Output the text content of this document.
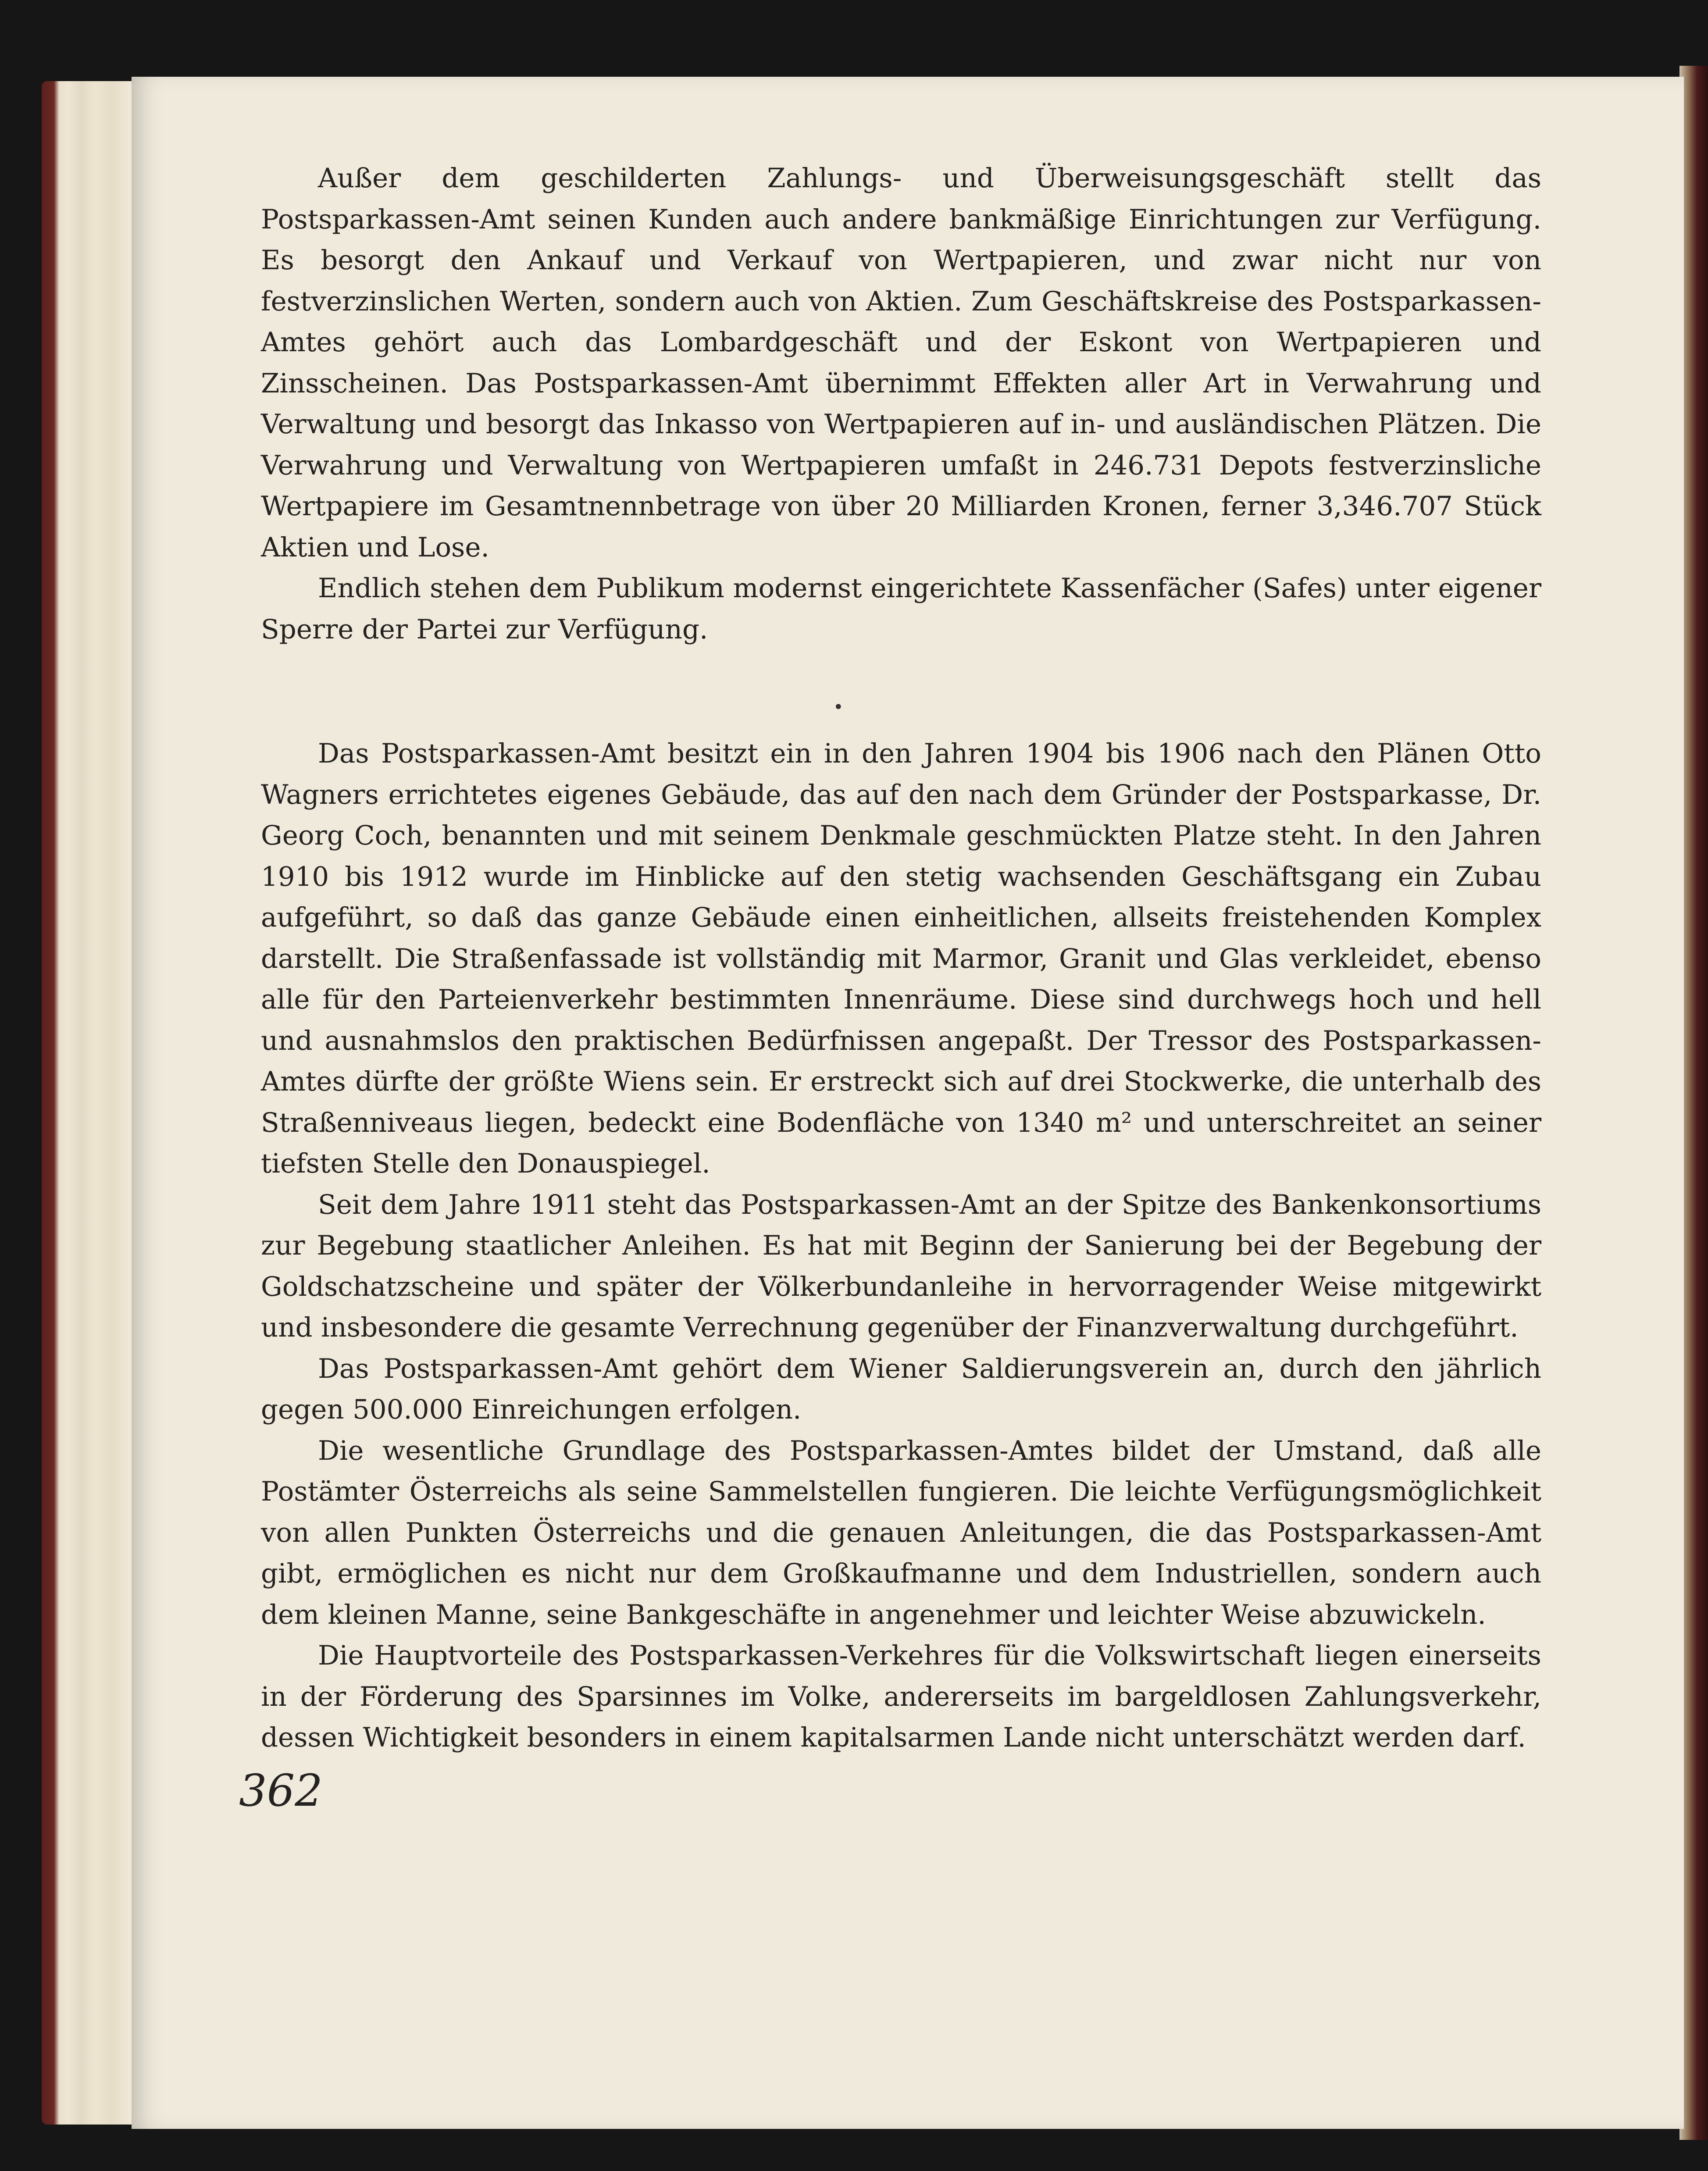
Außer dem geschilderten Zahlungs- und Überweisungsgeschäft stellt das Postsparkassen-Amt seinen Kunden auch andere bankmäßige Einrichtungen zur Verfügung. Es besorgt den Ankauf und Verkauf von Wertpapieren, und zwar nicht nur von festverzinslichen Werten, sondern auch von Aktien. Zum Geschäftskreise des Postsparkassen-Amtes gehört auch das Lombardgeschäft und der Eskont von Wertpapieren und Zinsscheinen. Das Postsparkassen-Amt übernimmt Effekten aller Art in Verwahrung und Verwaltung und besorgt das Inkasso von Wertpapieren auf in- und ausländischen Plätzen. Die Verwahrung und Verwaltung von Wertpapieren umfaßt in 246.731 Depots festverzinsliche Wertpapiere im Gesamtnennbetrage von über 20 Milliarden Kronen, ferner 3,346.707 Stück Aktien und Lose.

Endlich stehen dem Publikum modernst eingerichtete Kassenfächer (Safes) unter eigener Sperre der Partei zur Verfügung.

Das Postsparkassen-Amt besitzt ein in den Jahren 1904 bis 1906 nach den Plänen Otto Wagners errichtetes eigenes Gebäude, das auf den nach dem Gründer der Postsparkasse, Dr. Georg Coch, benannten und mit seinem Denkmale geschmückten Platze steht. In den Jahren 1910 bis 1912 wurde im Hinblicke auf den stetig wachsenden Geschäftsgang ein Zubau aufgeführt, so daß das ganze Gebäude einen einheitlichen, allseits freistehenden Komplex darstellt. Die Straßenfassade ist vollständig mit Marmor, Granit und Glas verkleidet, ebenso alle für den Parteienverkehr bestimmten Innenräume. Diese sind durchwegs hoch und hell und ausnahmslos den praktischen Bedürfnissen angepaßt. Der Tressor des Postsparkassen-Amtes dürfte der größte Wiens sein. Er erstreckt sich auf drei Stockwerke, die unterhalb des Straßenniveaus liegen, bedeckt eine Bodenfläche von 1340 m² und unterschreitet an seiner tiefsten Stelle den Donauspiegel.

Seit dem Jahre 1911 steht das Postsparkassen-Amt an der Spitze des Bankenkonsortiums zur Begebung staatlicher Anleihen. Es hat mit Beginn der Sanierung bei der Begebung der Goldschatzscheine und später der Völkerbundanleihe in hervorragender Weise mitgewirkt und insbesondere die gesamte Verrechnung gegenüber der Finanzverwaltung durchgeführt.

Das Postsparkassen-Amt gehört dem Wiener Saldierungsverein an, durch den jährlich gegen 500.000 Einreichungen erfolgen.

Die wesentliche Grundlage des Postsparkassen-Amtes bildet der Umstand, daß alle Postämter Österreichs als seine Sammelstellen fungieren. Die leichte Verfügungsmöglichkeit von allen Punkten Österreichs und die genauen Anleitungen, die das Postsparkassen-Amt gibt, ermöglichen es nicht nur dem Großkaufmanne und dem Industriellen, sondern auch dem kleinen Manne, seine Bankgeschäfte in angenehmer und leichter Weise abzuwickeln.

Die Hauptvorteile des Postsparkassen-Verkehres für die Volkswirtschaft liegen einerseits in der Förderung des Sparsinnes im Volke, andererseits im bargeldlosen Zahlungsverkehr, dessen Wichtigkeit besonders in einem kapitalsarmen Lande nicht unterschätzt werden darf.

•
362
